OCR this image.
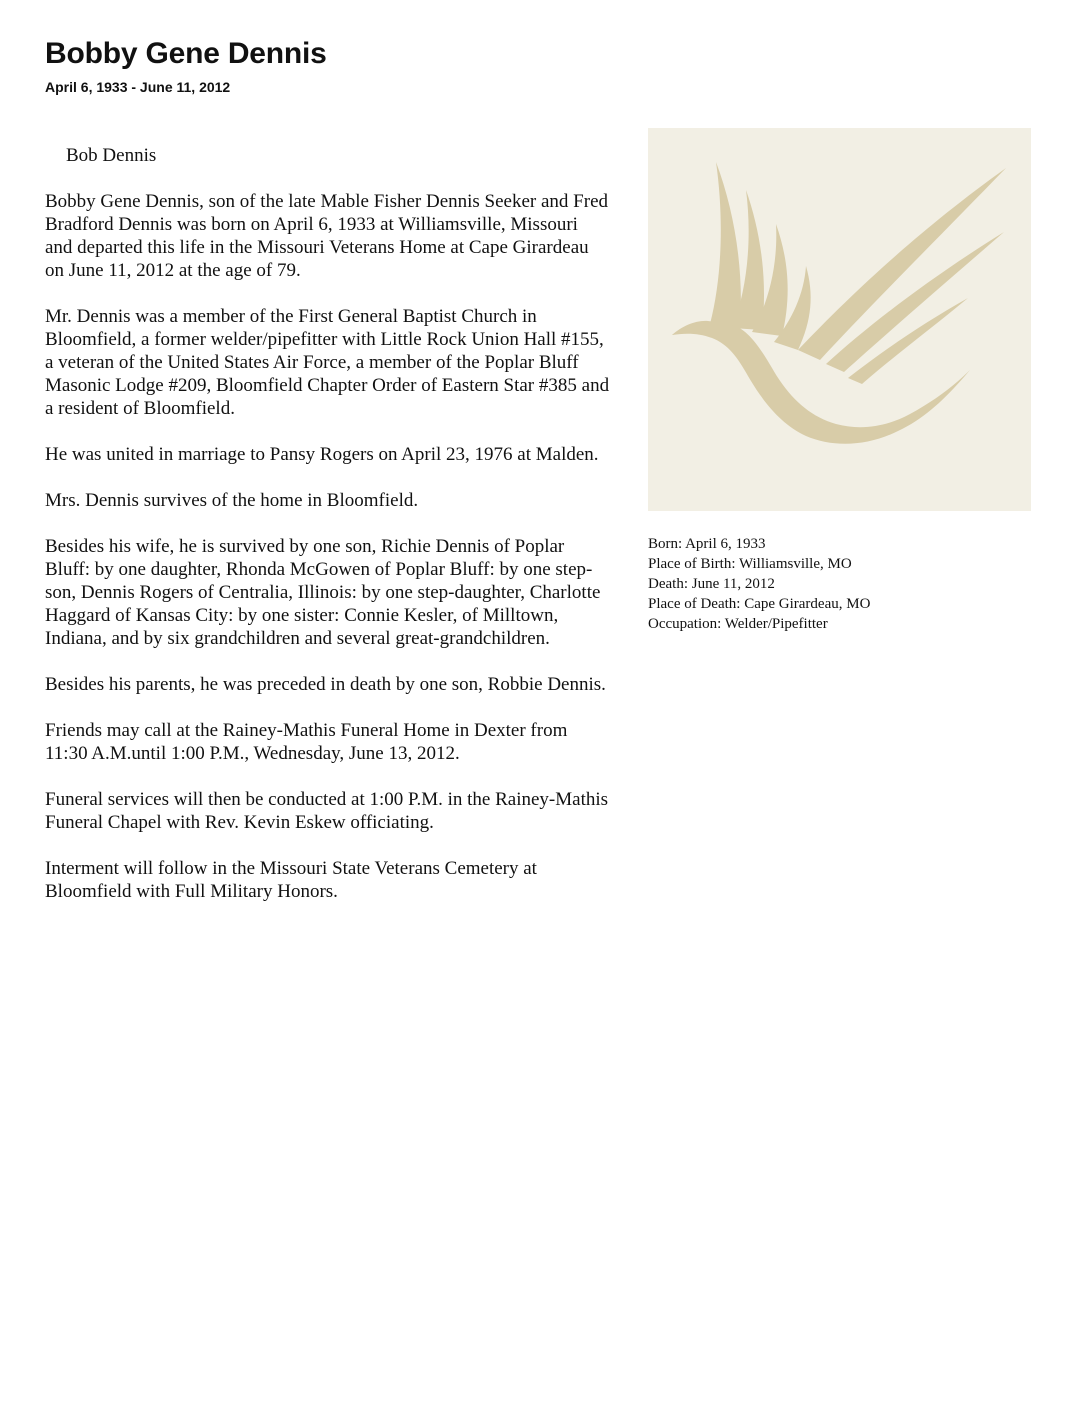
Bobby Gene Dennis
April 6, 1933 - June 11, 2012

Bob Dennis

Bobby Gene Dennis, son of the late Mable Fisher Dennis Seeker and Fred Bradford Dennis was born on April 6, 1933 at Williamsville, Missouri and departed this life in the Missouri Veterans Home at Cape Girardeau on June 11, 2012 at the age of 79.

Mr. Dennis was a member of the First General Baptist Church in Bloomfield, a former welder/pipefitter with Little Rock Union Hall #155, a veteran of the United States Air Force, a member of the Poplar Bluff Masonic Lodge #209, Bloomfield Chapter Order of Eastern Star #385 and a resident of Bloomfield.

He was united in marriage to Pansy Rogers on April 23, 1976 at Malden.

Mrs. Dennis survives of the home in Bloomfield.

Besides his wife, he is survived by one son, Richie Dennis of Poplar Bluff: by one daughter, Rhonda McGowen of Poplar Bluff: by one step-son, Dennis Rogers of Centralia, Illinois: by one step-daughter, Charlotte Haggard of Kansas City: by one sister: Connie Kesler, of Milltown, Indiana, and by six grandchildren and several great-grandchildren.

Besides his parents, he was preceded in death by one son, Robbie Dennis.

Friends may call at the Rainey-Mathis Funeral Home in Dexter from 11:30 A.M.until 1:00 P.M., Wednesday, June 13, 2012.

Funeral services will then be conducted at 1:00 P.M. in the Rainey-Mathis Funeral Chapel with Rev. Kevin Eskew officiating.

Interment will follow in the Missouri State Veterans Cemetery at Bloomfield with Full Military Honors.

Born: April 6, 1933
Place of Birth: Williamsville, MO
Death: June 11, 2012
Place of Death: Cape Girardeau, MO
Occupation: Welder/Pipefitter
